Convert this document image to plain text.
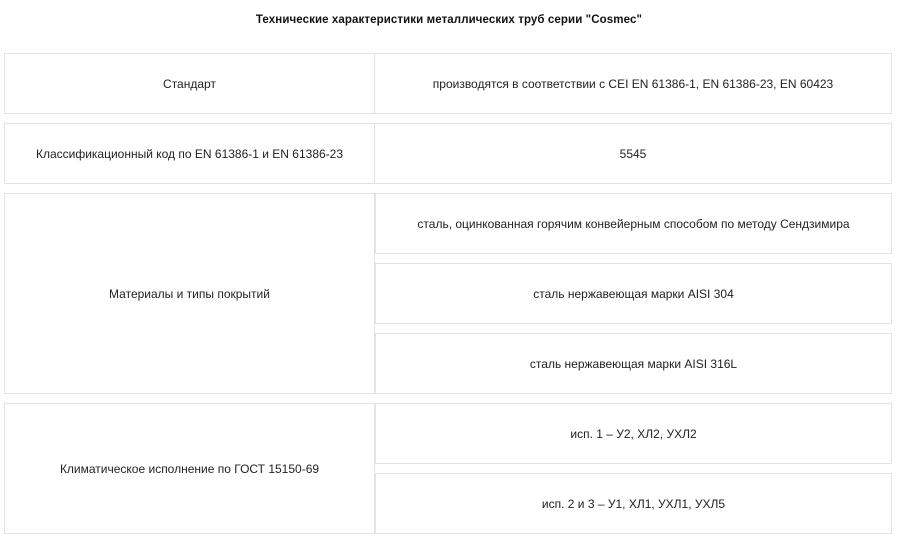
Технические характеристики металлических труб серии "Cosmec"
Стандарт	производятся в соответствии с CEI EN 61386-1, EN 61386-23, EN 60423
Классификационный код по EN 61386-1 и EN 61386-23	5545
Материалы и типы покрытий
сталь, оцинкованная горячим конвейерным способом по методу Сендзимира
сталь нержавеющая марки AISI 304
сталь нержавеющая марки AISI 316L
Климатическое исполнение по ГОСТ 15150-69
исп. 1 – У2, ХЛ2, УХЛ2
исп. 2 и 3 – У1, ХЛ1, УХЛ1, УХЛ5
